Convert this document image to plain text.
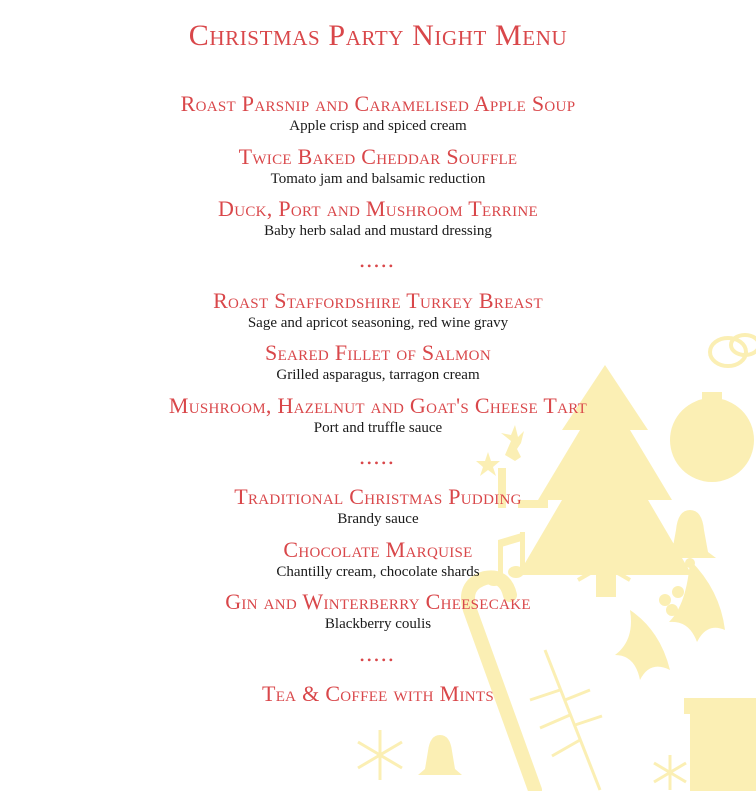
Christmas Party Night Menu
Roast Parsnip and Caramelised Apple Soup
Apple crisp and spiced cream
Twice Baked Cheddar Souffle
Tomato jam and balsamic reduction
Duck, Port and Mushroom Terrine
Baby herb salad and mustard dressing
•••••
Roast Staffordshire Turkey Breast
Sage and apricot seasoning, red wine gravy
Seared Fillet of Salmon
Grilled asparagus, tarragon cream
Mushroom, Hazelnut and Goat's Cheese Tart
Port and truffle sauce
•••••
Traditional Christmas Pudding
Brandy sauce
Chocolate Marquise
Chantilly cream, chocolate shards
Gin and Winterberry Cheesecake
Blackberry coulis
•••••
Tea & Coffee with Mints
